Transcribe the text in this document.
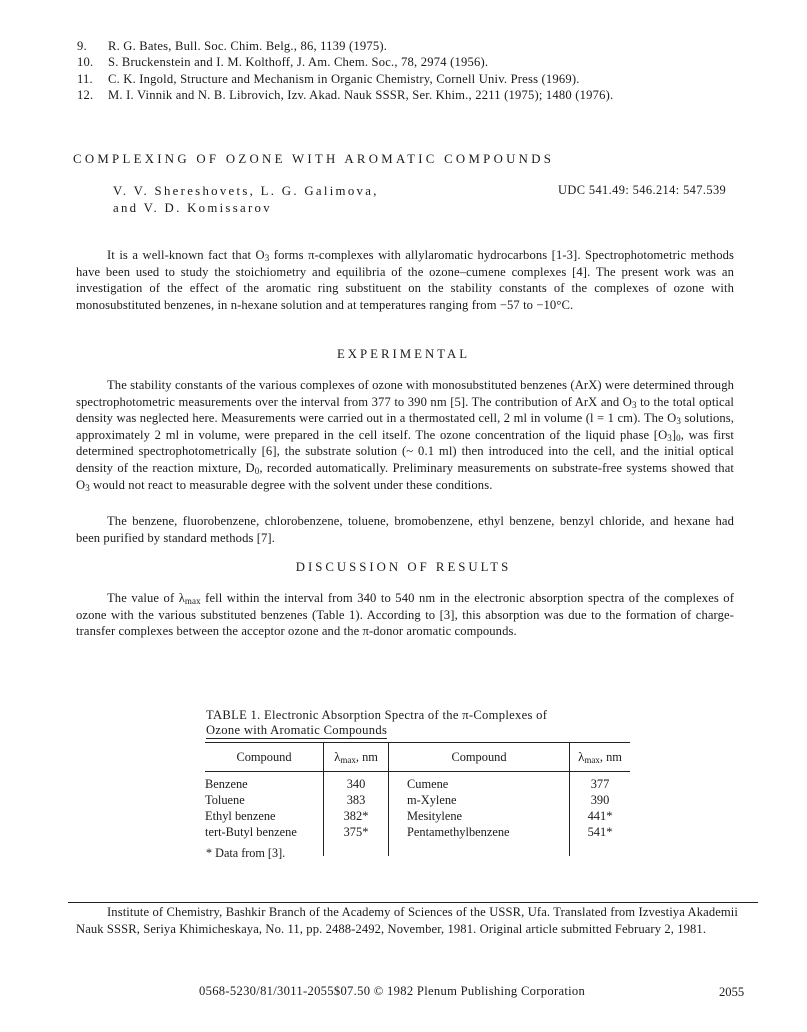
9.	R. G. Bates, Bull. Soc. Chim. Belg., 86, 1139 (1975).
10.	S. Bruckenstein and I. M. Kolthoff, J. Am. Chem. Soc., 78, 2974 (1956).
11.	C. K. Ingold, Structure and Mechanism in Organic Chemistry, Cornell Univ. Press (1969).
12.	M. I. Vinnik and N. B. Librovich, Izv. Akad. Nauk SSSR, Ser. Khim., 2211 (1975); 1480 (1976).
COMPLEXING OF OZONE WITH AROMATIC COMPOUNDS
V. V. Shereshovets, L. G. Galimova,
and V. D. Komissarov
UDC 541.49: 546.214: 547.539

It is a well-known fact that $O_3$ forms π-complexes with allylaromatic hydrocarbons [1-3]. Spectrophotometric methods have been used to study the stoichiometry and equilibria of the ozone–cumene complexes [4]. The present work was an investigation of the effect of the aromatic ring substituent on the stability constants of the complexes of ozone with monosubstituted benzenes, in n-hexane solution and at temperatures ranging from −57 to −10°C.

EXPERIMENTAL

The stability constants of the various complexes of ozone with monosubstituted benzenes (ArX) were determined through spectrophotometric measurements over the interval from 377 to 390 nm [5]. The contribution of ArX and $O_3$ to the total optical density was neglected here. Measurements were carried out in a thermostated cell, 2 ml in volume (l = 1 cm). The $O_3$ solutions, approximately 2 ml in volume, were prepared in the cell itself. The ozone concentration of the liquid phase $[O_3]_0$, was first determined spectrophotometrically [6], the substrate solution (~ 0.1 ml) then introduced into the cell, and the initial optical density of the reaction mixture, $D_0$, recorded automatically. Preliminary measurements on substrate-free systems showed that $O_3$ would not react to measurable degree with the solvent under these conditions.

The benzene, fluorobenzene, chlorobenzene, toluene, bromobenzene, ethyl benzene, benzyl chloride, and hexane had been purified by standard methods [7].

DISCUSSION OF RESULTS

The value of $\lambda_{max}$ fell within the interval from 340 to 540 nm in the electronic absorption spectra of the complexes of ozone with the various substituted benzenes (Table 1). According to [3], this absorption was due to the formation of charge-transfer complexes between the acceptor ozone and the π-donor aromatic compounds.

TABLE 1. Electronic Absorption Spectra of the π-Complexes of
Ozone with Aromatic Compounds
Compound	$\lambda_{max}$, nm	Compound	$\lambda_{max}$, nm
Benzene	340	Cumene	377
Toluene	383	m-Xylene	390
Ethyl benzene	382*	Mesitylene	441*
tert-Butyl benzene	375*	Pentamethylbenzene	541*
* Data from [3].

Institute of Chemistry, Bashkir Branch of the Academy of Sciences of the USSR, Ufa. Translated from Izvestiya Akademii Nauk SSSR, Seriya Khimicheskaya, No. 11, pp. 2488-2492, November, 1981. Original article submitted February 2, 1981.

0568-5230/81/3011-2055$07.50 © 1982 Plenum Publishing Corporation	2055
